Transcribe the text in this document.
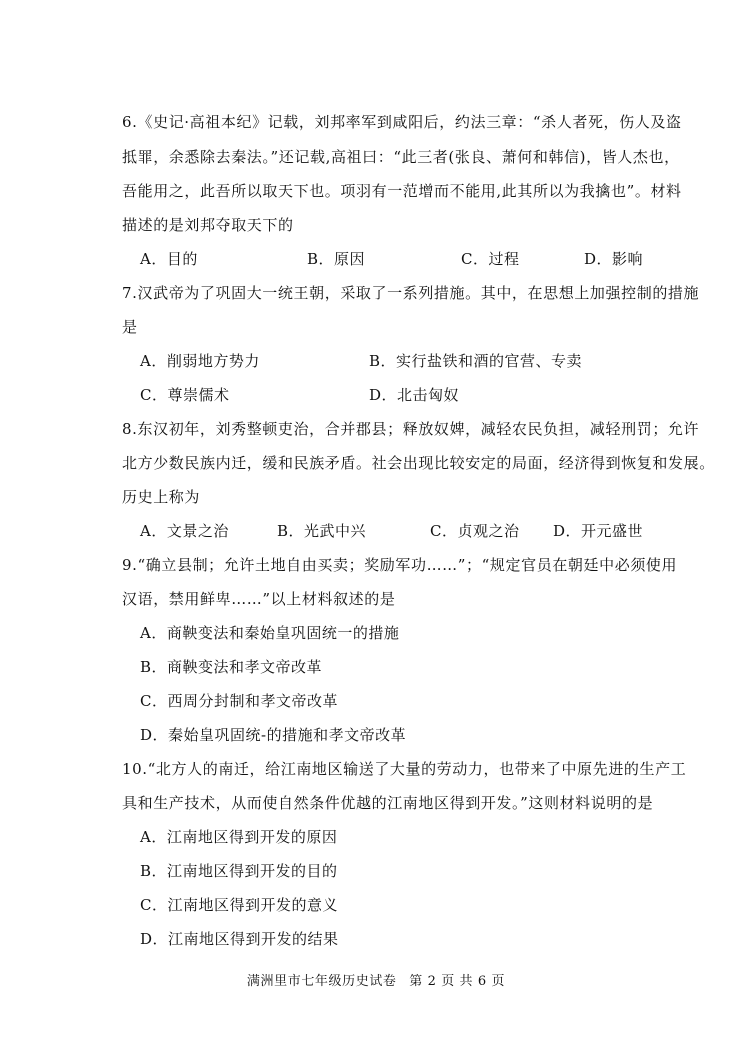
6.《史记·高祖本纪》记载，刘邦率军到咸阳后，约法三章：“杀人者死，伤人及盗
抵罪，余悉除去秦法。”还记载,高祖曰：“此三者(张良、萧何和韩信)，皆人杰也，
吾能用之，此吾所以取天下也。项羽有一范增而不能用,此其所以为我擒也”。材料
描述的是刘邦夺取天下的
A．目的	B．原因	C．过程	D．影响
7.汉武帝为了巩固大一统王朝，采取了一系列措施。其中，在思想上加强控制的措施
是
A．削弱地方势力	B．实行盐铁和酒的官营、专卖
C．尊崇儒术	D．北击匈奴
8.东汉初年，刘秀整顿吏治，合并郡县；释放奴婢，减轻农民负担，减轻刑罚；允许
北方少数民族内迁，缓和民族矛盾。社会出现比较安定的局面，经济得到恢复和发展。
历史上称为
A．文景之治	B．光武中兴	C．贞观之治 D．开元盛世
9.“确立县制；允许土地自由买卖；奖励军功……”；“规定官员在朝廷中必须使用
汉语，禁用鲜卑……”以上材料叙述的是
A．商鞅变法和秦始皇巩固统一的措施
B．商鞅变法和孝文帝改革
C．西周分封制和孝文帝改革
D．秦始皇巩固统-的措施和孝文帝改革
10.“北方人的南迁，给江南地区输送了大量的劳动力，也带来了中原先进的生产工
具和生产技术，从而使自然条件优越的江南地区得到开发。”这则材料说明的是
A．江南地区得到开发的原因
B．江南地区得到开发的目的
C．江南地区得到开发的意义
D．江南地区得到开发的结果
满洲里市七年级历史试卷 第 2 页 共 6 页
